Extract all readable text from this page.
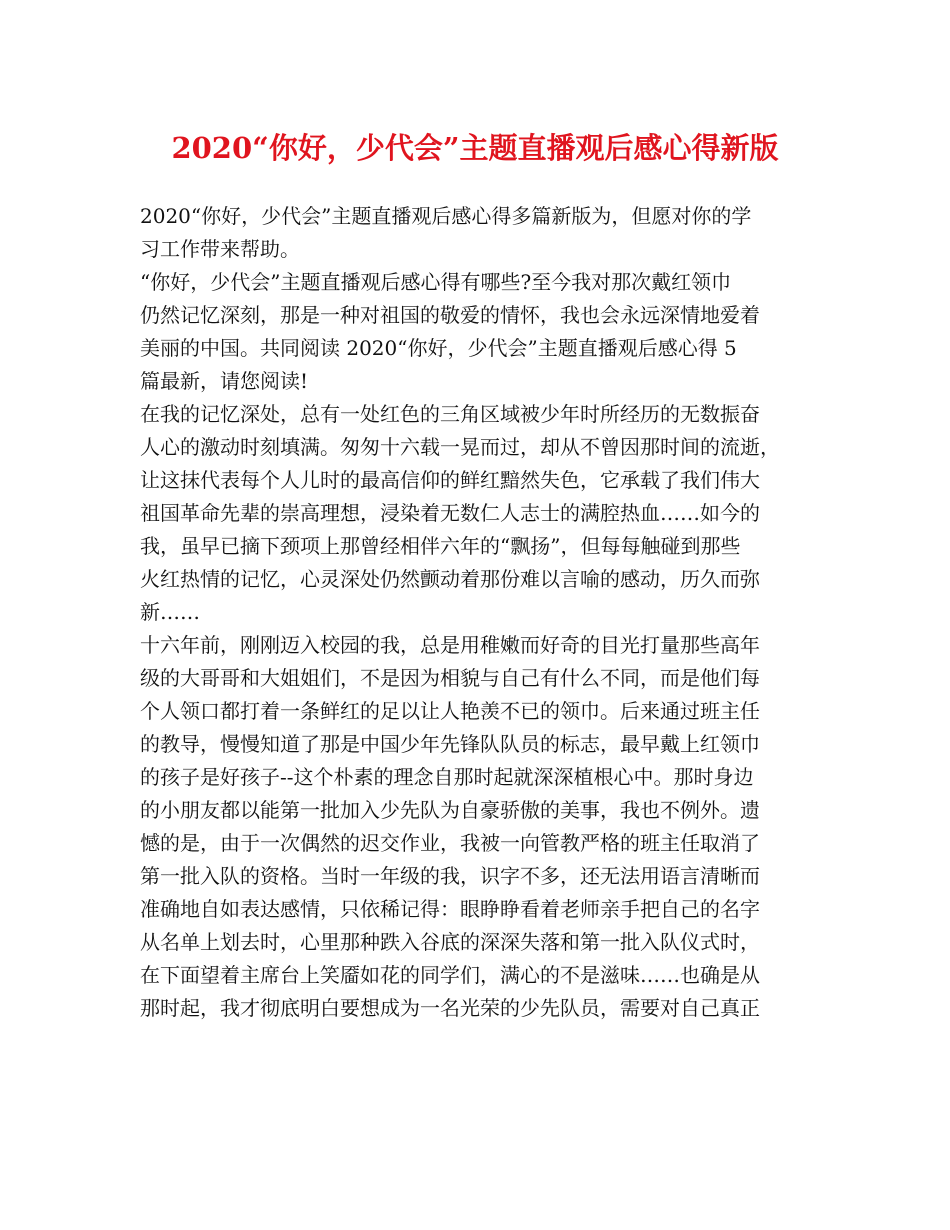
2020“你好，少代会”主题直播观后感心得新版
2020“你好，少代会”主题直播观后感心得多篇新版为，但愿对你的学
习工作带来帮助。
“你好，少代会”主题直播观后感心得有哪些?至今我对那次戴红领巾
仍然记忆深刻，那是一种对祖国的敬爱的情怀，我也会永远深情地爱着
美丽的中国。共同阅读 2020“你好，少代会”主题直播观后感心得 5
篇最新，请您阅读!
在我的记忆深处，总有一处红色的三角区域被少年时所经历的无数振奋
人心的激动时刻填满。匆匆十六载一晃而过，却从不曾因那时间的流逝，
让这抹代表每个人儿时的最高信仰的鲜红黯然失色，它承载了我们伟大
祖国革命先辈的崇高理想，浸染着无数仁人志士的满腔热血……如今的
我，虽早已摘下颈项上那曾经相伴六年的“飘扬”，但每每触碰到那些
火红热情的记忆，心灵深处仍然颤动着那份难以言喻的感动，历久而弥
新……
十六年前，刚刚迈入校园的我，总是用稚嫩而好奇的目光打量那些高年
级的大哥哥和大姐姐们，不是因为相貌与自己有什么不同，而是他们每
个人领口都打着一条鲜红的足以让人艳羡不已的领巾。后来通过班主任
的教导，慢慢知道了那是中国少年先锋队队员的标志，最早戴上红领巾
的孩子是好孩子--这个朴素的理念自那时起就深深植根心中。那时身边
的小朋友都以能第一批加入少先队为自豪骄傲的美事，我也不例外。遗
憾的是，由于一次偶然的迟交作业，我被一向管教严格的班主任取消了
第一批入队的资格。当时一年级的我，识字不多，还无法用语言清晰而
准确地自如表达感情，只依稀记得：眼睁睁看着老师亲手把自己的名字
从名单上划去时，心里那种跌入谷底的深深失落和第一批入队仪式时，
在下面望着主席台上笑靥如花的同学们，满心的不是滋味……也确是从
那时起，我才彻底明白要想成为一名光荣的少先队员，需要对自己真正
